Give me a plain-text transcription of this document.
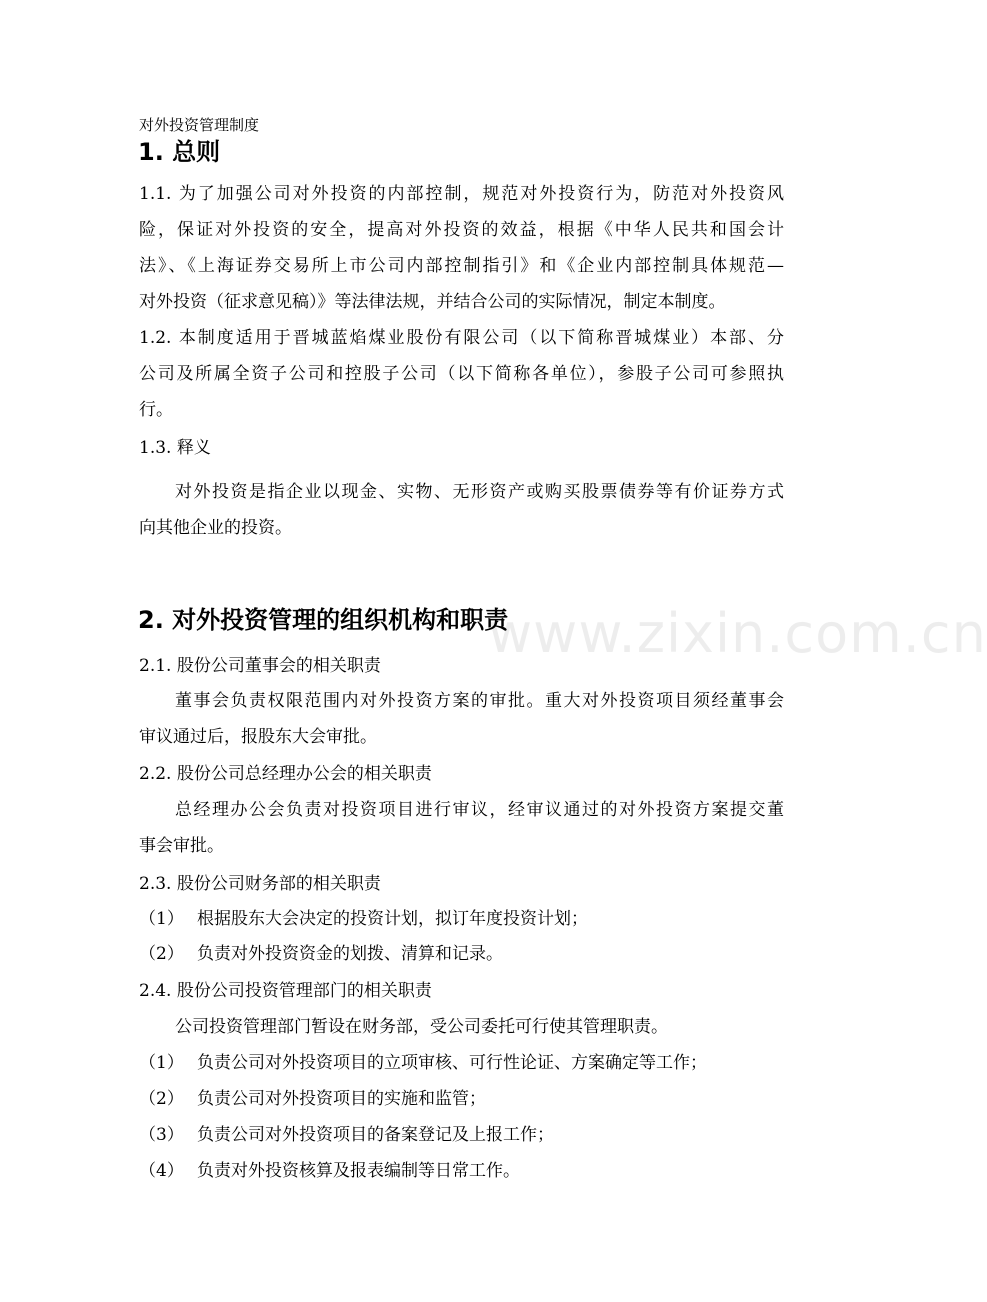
www.zixin.com.cn
对外投资管理制度
1. 总则
1.1. 为了加强公司对外投资的内部控制，规范对外投资行为，防范对外投资风
险，保证对外投资的安全，提高对外投资的效益，根据《中华人民共和国会计
法》、《上海证券交易所上市公司内部控制指引》和《企业内部控制具体规范—
对外投资（征求意见稿）》等法律法规，并结合公司的实际情况，制定本制度。
1.2. 本制度适用于晋城蓝焰煤业股份有限公司（以下简称晋城煤业）本部、分
公司及所属全资子公司和控股子公司（以下简称各单位），参股子公司可参照执
行。
1.3. 释义
对外投资是指企业以现金、实物、无形资产或购买股票债券等有价证券方式
向其他企业的投资。
2. 对外投资管理的组织机构和职责
2.1. 股份公司董事会的相关职责
董事会负责权限范围内对外投资方案的审批。重大对外投资项目须经董事会
审议通过后，报股东大会审批。
2.2. 股份公司总经理办公会的相关职责
总经理办公会负责对投资项目进行审议，经审议通过的对外投资方案提交董
事会审批。
2.3. 股份公司财务部的相关职责
（1） 根据股东大会决定的投资计划，拟订年度投资计划；
（2） 负责对外投资资金的划拨、清算和记录。
2.4. 股份公司投资管理部门的相关职责
公司投资管理部门暂设在财务部，受公司委托可行使其管理职责。
（1） 负责公司对外投资项目的立项审核、可行性论证、方案确定等工作；
（2） 负责公司对外投资项目的实施和监管；
（3） 负责公司对外投资项目的备案登记及上报工作；
（4） 负责对外投资核算及报表编制等日常工作。
